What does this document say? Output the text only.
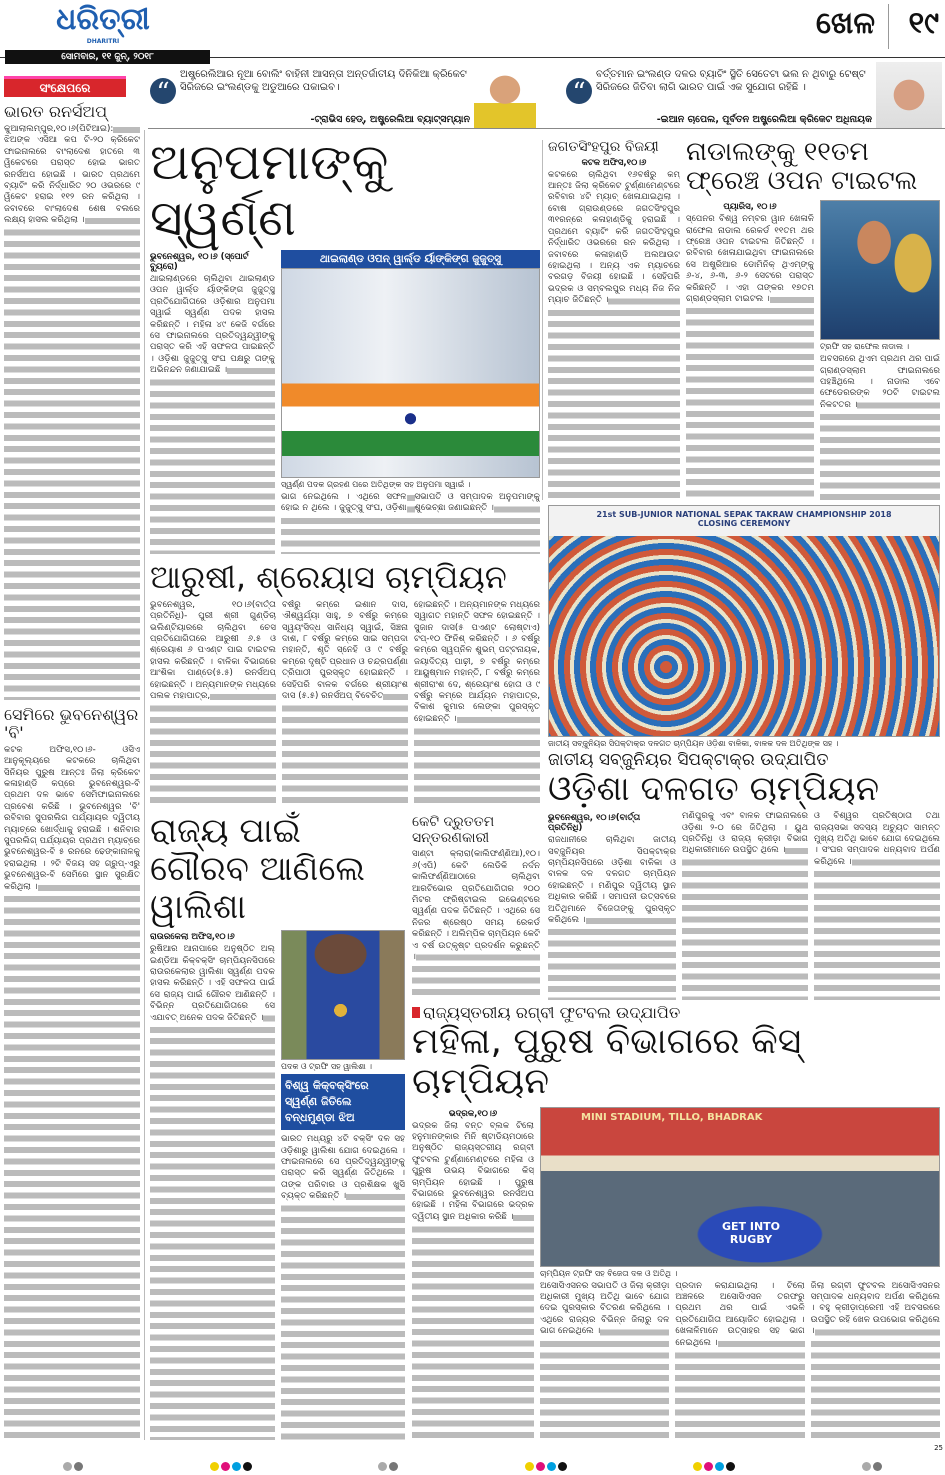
ଧରିତ୍ରୀ
DHARITRI
ଖେଳ ୧୯
ସୋମବାର, ୧୧ ଜୁନ୍, ୨୦୧୮
“
ଅଷ୍ଟ୍ରେଲିଆର ନୂଆ ବୋଲିଂ ବାହିନୀ ଆସନ୍ତା ଅନ୍ତର୍ଜାତୀୟ ଦିନିକିଆ କ୍ରିକେଟ ସିରିଜରେ ଇଂଲଣ୍ଡକୁ ଅଡୁଆରେ ପକାଇବ।
-ଟ୍ରାଭିସ ହେଡ୍, ଅଷ୍ଟ୍ରେଲିଆ ବ୍ୟାଟ୍ସମ୍ୟାନ
“
ବର୍ତ୍ତମାନ ଇଂଲଣ୍ଡ ଦଳର ବ୍ୟାଟିଂ ସ୍ଥିତି ସେତେଟା ଭଲ ନ ଥିବାରୁ ଟେଷ୍ଟ ସିରିଜରେ ଜିତିବା ଲାଗି ଭାରତ ପାଇଁ ଏକ ସୁଯୋଗ ରହିଛି ।
-ଇଆନ ଚାପେଲ, ପୂର୍ବତନ ଅଷ୍ଟ୍ରେଲିଆ କ୍ରିକେଟ ଅଧିନାୟକ
ସଂକ୍ଷେପରେ
ଭାରତ ରନର୍ସଅପ୍
କୁଆଲାଲମ୍ପୁର,୧୦।୬(ପିଟିଆଇ): ଝିଅଙ୍କ ଏସିଆ କପ ଟି-୨୦ କ୍ରିକେଟ ଫାଇନାଲରେ ବାଂଲାଦେଶ ହାତରେ ୩ ୱିକେଟରେ ପରାସ୍ତ ହୋଇ ଭାରତ ରନର୍ସଅପ ହୋଇଛି । ଭାରତ ପ୍ରଥମେ ବ୍ୟାଟିଂ କରି ନିର୍ଦ୍ଧାରିତ ୨୦ ଓଭରରେ ୯ ୱିକେଟ ହରାଇ ୧୧୨ ରନ କରିଥିଲା । ଜବାବରେ ବାଂଲାଦେଶ ଶେଷ ବଲରେ ଲକ୍ଷ୍ୟ ହାସଲ କରିଥିଲା ।
ସେମିରେ ଭୁବନେଶ୍ୱର 'ବି'
କଟକ ଅଫିସ,୧୦।୬- ଓସିଏ ଆନୁକୂଲ୍ୟରେ କଟକରେ ଚାଲିଥିବା ସିନିୟର ପୁରୁଷ ଆନ୍ତଃ ଜିଲା କ୍ରିକେଟ କଳାହାଣ୍ଡି କପ୍‌ରେ ଭୁବନେଶ୍ୱର-ବି ପ୍ରଥମ ଦଳ ଭାବେ ସେମିଫାଇନାଲରେ ପ୍ରବେଶ କରିଛି । ଭୁବନେଶ୍ୱର 'ବି' ରବିବାର ସୁପରଲିଗ ପର୍ଯ୍ୟାୟର ଦ୍ୱିତୀୟ ମ୍ୟାଚ୍‌ରେ ଖୋର୍ଦ୍ଧାକୁ ହରାଇଛି । ଶନିବାର ସୁପରଲିଗ୍ ପର୍ଯ୍ୟାୟର ପ୍ରଥମ ମ୍ୟାଚ୍‌ରେ ଭୁବନେଶ୍ୱର-ବି ୫ ରନରେ ଢେଙ୍କାନାଳକୁ ହରାଇଥିଲା । ୨ଟି ବିଜୟ ସହ ଗ୍ରୁପ୍-ଏରୁ ଭୁବନେଶ୍ୱର-ବି ସେମିରେ ସ୍ଥାନ ସୁରକ୍ଷିତ କରିଥିଲା ।
ଅନୁପମାଙ୍କୁ ସ୍ୱର୍ଣ୍ଣ
ଭୁବନେଶ୍ୱର, ୧୦।୬ (ସ୍ପୋର୍ଟ ବ୍ୟୁରୋ)
ଥାଇଲାଣ୍ଡରେ ଚାଲିଥିବା ଥାଇଲାଣ୍ଡ ଓପନ ୱାର୍ଲ୍ଡ ର୍ୟାଙ୍କିଙ୍ଗ ଜୁଜୁତ୍ସୁ ପ୍ରତିଯୋଗିତାରେ ଓଡ଼ିଶାର ଅନୁପମା ସ୍ୱାଇଁ ସ୍ୱର୍ଣ୍ଣ ପଦକ ହାସଲ କରିଛନ୍ତି । ମହିଳା ୪୯ କେଜି ବର୍ଗରେ ସେ ଫାଇନାଲରେ ପ୍ରତିଦ୍ୱନ୍ଦ୍ୱୀଙ୍କୁ ପରାସ୍ତ କରି ଏହି ସଫଳତା ପାଇଛନ୍ତି । ଓଡ଼ିଶା ଜୁଜୁତ୍ସୁ ସଂଘ ପକ୍ଷରୁ ତାଙ୍କୁ ଅଭିନନ୍ଦନ ଜଣାଯାଇଛି ।
ଥାଇଲାଣ୍ଡ ଓପନ୍ ୱାର୍ଲ୍ଡ ର୍ୟାଙ୍କିଙ୍ଗ ଜୁଜୁତ୍ସୁ
ସ୍ୱର୍ଣ୍ଣ ପଦକ ଗ୍ରହଣ ପରେ ଅତିଥିଙ୍କ ସହ ଅନୁପମା ସ୍ୱାଇଁ ।
ଭାଗ ନେଇଥିଲେ । ଏଥିରେ ସଫଳ ହୋଇ ନ ଥିଲେ । ଜୁଜୁତ୍ସୁ ସଂଘ, ଓଡ଼ିଶା ସଭାପତି ଓ ସମ୍ପାଦକ ଅନୁପମାଙ୍କୁ ଶୁଭେଚ୍ଛା ଜଣାଇଛନ୍ତି ।
ଜଗତସିଂହପୁର ବିଜୟୀ
କଟକ ଅଫିସ,୧୦।୬
କଟକରେ ଚାଲିଥିବା ୧୬ବର୍ଷରୁ କମ୍ ଆନ୍ତଃ ଜିଲା କ୍ରିକେଟ ଟୁର୍ଣ୍ଣାମେଣ୍ଟରେ ରବିବାର ୪ଟି ମ୍ୟାଚ୍ ଖେଳାଯାଇଥିଲା । ବୋଷ ଗ୍ରାଉଣ୍ଡରେ ଜଗତସିଂହପୁର ୩୧ରନ୍‌ରେ କଳାହାଣ୍ଡିକୁ ହରାଇଛି । ପ୍ରଥମେ ବ୍ୟାଟିଂ କରି ଜଗତସିଂହପୁର ନିର୍ଦ୍ଧାରିତ ଓଭରରେ ରନ କରିଥିଲା । ଜବାବରେ କଳାହାଣ୍ଡି ଅଲଆଉଟ ହୋଇଥିଲା । ଅନ୍ୟ ଏକ ମ୍ୟାଚରେ ବରଗଡ଼ ବିଜୟୀ ହୋଇଛି । ସେହିପରି ଭଦ୍ରକ ଓ ସମ୍ବଲପୁର ମଧ୍ୟ ନିଜ ନିଜ ମ୍ୟାଚ ଜିତିଛନ୍ତି ।
ନାଡାଲଙ୍କୁ ୧୧ତମ ଫ୍ରେଞ୍ଚ ଓପନ ଟାଇଟଲ
ପ୍ୟାରିସ, ୧୦।୬
ସ୍ପେନର ବିଶ୍ୱ ନମ୍ବର ୱାନ ଖେଳାଳି ରାଫେଲ ନାଡାଲ ରେକର୍ଡ ୧୧ତମ ଥର ଫ୍ରେଞ୍ଚ ଓପନ ଟାଇଟଲ ଜିତିଛନ୍ତି । ରବିବାର ଖେଳାଯାଇଥିବା ଫାଇନାଲରେ ସେ ଅଷ୍ଟ୍ରିଆର ଡୋମିନିକ୍ ଥିଏମ୍‌ଙ୍କୁ ୬-୪, ୬-୩, ୬-୨ ସେଟରେ ପରାସ୍ତ କରିଛନ୍ତି । ଏହା ତାଙ୍କର ୧୭ତମ ଗ୍ରାଣ୍ଡସ୍ଲାମ ଟାଇଟଲ ।
ଟ୍ରଫି ସହ ରାଫେଲ ନାଡାଲ ।
ଅବସରରେ ଥିଏମ ପ୍ରଥମ ଥର ପାଇଁ ଗ୍ରାଣ୍ଡସ୍ଲାମ ଫାଇନାଲରେ ପହଞ୍ଚିଥିଲେ । ନାଡାଲ ଏବେ ଫେଡେରରଙ୍କ ୨୦ଟି ଟାଇଟଲ ନିକଟତର ।
21st SUB-JUNIOR NATIONAL SEPAK TAKRAW CHAMPIONSHIP 2018 CLOSING CEREMONY
ଜାତୀୟ ସବ୍‌ଜୁନିୟର ସିପକ୍‌ଟାକ୍ର ଦଳଗତ ଚାମ୍ପିୟନ ଓଡ଼ିଶା ବାଳିକା, ବାଳକ ଦଳ ଅତିଥିଙ୍କ ସହ ।
ଜାତୀୟ ସବ୍‌ଜୁନିୟର ସିପକ୍‌ଟାକ୍ର ଉଦ୍‌ଯାପିତ
ଓଡ଼ିଶା ଦଳଗତ ଚାମ୍ପିୟନ
ଭୁବନେଶ୍ୱର, ୧୦।୬(ବାର୍ତ୍ତା ପ୍ରତିନିଧି)
ରାଜଧାନୀରେ ଚାଲିଥିବା ଜାତୀୟ ସବ୍‌ଜୁନିୟର ସିପକ୍‌ଟାକ୍ର ଚାମ୍ପିୟନସିପରେ ଓଡ଼ିଶା ବାଳିକା ଓ ବାଳକ ଦଳ ଦଳଗତ ଚାମ୍ପିୟନ ହୋଇଛନ୍ତି । ମଣିପୁର ଦ୍ୱିତୀୟ ସ୍ଥାନ ଅଧିକାର କରିଛି । ସମାପନୀ ଉତ୍ସବରେ ଅତିଥିମାନେ ବିଜେତାଙ୍କୁ ପୁରସ୍କୃତ କରିଥିଲେ ।
ମଣିପୁରକୁ ଏବଂ ବାଳକ ଫାଇନାଲରେ ଓଡ଼ିଶା ୨-୦ ରେ ଜିତିଥିଲା । ୟୁଥ ପ୍ରତିନିଧି ଓ ରାଜ୍ୟ କ୍ରୀଡ଼ା ବିଭାଗ ଅଧିକାରୀମାନେ ଉପସ୍ଥିତ ଥିଲେ ।
ଓ ବିଶ୍ୱର ପ୍ରତିଷ୍ଠାତା ତଥା ରାଜ୍ୟସଭା ସଦସ୍ୟ ଅଚ୍ୟୁତ ସାମନ୍ତ ମୁଖ୍ୟ ଅତିଥି ଭାବେ ଯୋଗ ଦେଇଥିଲେ । ସଂଘର ସମ୍ପାଦକ ଧନ୍ୟବାଦ ଅର୍ପଣ କରିଥିଲେ ।
ଆରୁଷୀ, ଶ୍ରେୟାସ ଚାମ୍ପିୟନ
ଭୁବନେଶ୍ୱର, ୧୦।୬(ବାର୍ତ୍ତା ପ୍ରତିନିଧି)- ପୁରୀ ଶ୍ରୀ ଗୁଣ୍ଡିଚା ଭଲିଣ୍ଟିୟାରରେ ଚାଲିଥିବା ଚେସ ପ୍ରତିଯୋଗିତାରେ ଆରୁଷୀ ୬.୫ ଓ ଶ୍ରେୟାଶ ୬ ପଏଣ୍ଟ ପାଇ ଟାଇଟଲ ହାସଲ କରିଛନ୍ତି । ବାଳିକା ବିଭାଗରେ ଆଂଶିକା ପାଣ୍ଡେ(୫.୫) ରନର୍ସଅପ୍ ହୋଇଛନ୍ତି । ଅନ୍ୟମାନଙ୍କ ମଧ୍ୟରେ ପଲକ ମହାପାତ୍ର,
ବର୍ଷରୁ କମ୍‌ରେ ଇଶାନ ଦାସ, ଐଶ୍ୱର୍ଯ୍ୟା ସାହୁ, ୭ ବର୍ଷରୁ କମ୍‌ରେ ସ୍ୱୟଂସିଦ୍ଧ ସାନିଧ୍ୟ ସ୍ୱାଇଁ, ସିଞ୍ଚନା ଦାଶ, ୮ ବର୍ଷରୁ କମ୍‌ରେ ସାଇ ସମ୍ପଦା ମହାନ୍ତି, ଶୃତି ସ୍ନେହି ଓ ୯ ବର୍ଷରୁ କମ୍‌ରେ ଦୃଷ୍ଟି ପ୍ରଧାନ ଓ ଚନ୍ଦ୍ରପର୍ଣ୍ଣା ତ୍ରିପାଠୀ ପୁରସ୍କୃତ ହୋଇଛନ୍ତି । ସେହିପରି ବାଳକ ବର୍ଗରେ ଶ୍ରୀୟାଂଶ ଦାସ (୫.୫) ରନର୍ସଅପ୍ ବିବେଚିତ
ହୋଇଛନ୍ତି । ଅନ୍ୟମାନଙ୍କ ମଧ୍ୟରେ ସ୍ୱାଗତ ମହାନ୍ତି ସଫଳ ହୋଇଛନ୍ତି । ସୁଜାନ ଦାସ(୫ ପଏଣ୍ଟ ଲୋଷ୍ଟାଏ) ଟପ୍-୧୦ ଫିନିଶ୍ କରିଛନ୍ତି । ୬ ବର୍ଷରୁ କମ୍‌ରେ ସ୍ୱପ୍ନିଳ ଶୁଭମ୍ ପଟ୍ଟନାୟକ, ଜୟାଦିତ୍ୟ ପାଢ଼ୀ, ୭ ବର୍ଷରୁ କମ୍‌ରେ ଆୟୁଷ୍ମାନ ମହାନ୍ତି, ୮ ବର୍ଷରୁ କମ୍‌ରେ ଶ୍ରୀରାଂଶ ଦେ, ଶ୍ରେୟାଂଶ ହୋତା ଓ ୯ ବର୍ଷରୁ କମ୍‌ରେ ଆର୍ଯ୍ୟନ ମହାପାତ୍ର, ବିକାଶ କୁମାର ଲେଙ୍କା ପୁରସ୍କୃତ ହୋଇଛନ୍ତି ।
ରାଜ୍ୟ ପାଇଁ ଗୌରବ ଆଣିଲେ ୱାଲିଶା
ରାଉରକେଲା ଅଫିସ,୧୦।୬
ରୁଷିଆର ଆନାପାରେ ଅନୁଷ୍ଠିତ ଅଲ୍ ଇଣ୍ଡିଆ କିକ୍‌ବକ୍ସିଂ ଚାମ୍ପିୟନସିପରେ ରାଉରକେଲାର ୱାଲିଶା ସ୍ୱର୍ଣ୍ଣ ପଦକ ହାସଲ କରିଛନ୍ତି । ଏହି ସଫଳତା ପାଇଁ ସେ ରାଜ୍ୟ ପାଇଁ ଗୌରବ ଆଣିଛନ୍ତି । ବିଭିନ୍ନ ପ୍ରତିଯୋଗିତାରେ ସେ ଏଯାବତ୍ ଅନେକ ପଦକ ଜିତିଛନ୍ତି ।
ପଦକ ଓ ଟ୍ରଫି ସହ ୱାଲିଶା ।
ବିଶ୍ୱ କିକ୍‌ବକ୍ସିଂରେ ସ୍ୱର୍ଣ୍ଣ ଜିତିଲେ ବନ୍ଧମୁଣ୍ଡା ଝିଅ
ଭାରତ ମଧ୍ୟରୁ ୪ଟି ବକ୍ସିଂ ଦଳ ସହ ଓଡ଼ିଶାରୁ ୱାଲିଶା ଯୋଗ ଦେଇଥିଲେ । ଫାଇନାଲରେ ସେ ପ୍ରତିଦ୍ୱନ୍ଦ୍ୱୀଙ୍କୁ ପରାସ୍ତ କରି ସ୍ୱର୍ଣ୍ଣ ଜିତିଥିଲେ । ତାଙ୍କ ପରିବାର ଓ ପ୍ରଶିକ୍ଷକ ଖୁସି ବ୍ୟକ୍ତ କରିଛନ୍ତି ।
କେଟି ଦ୍ରୁତତମ ସନ୍ତରଣକାରୀ
ସାଣ୍ଟା କ୍ଲାରା(କାଲିଫର୍ଣ୍ଣିଆ),୧୦।୬(ଏପି) କେଟି ଲେଡିକି ନର୍ଦନ କାଲିଫର୍ଣ୍ଣିଆଠାରେ ଚାଲିଥିବା ଆରଟିଭୋର ପ୍ରତିଯୋଗିତାର ୨୦୦ ମିଟର ଫ୍ରିଷ୍ଟାଇଲ ଇଭେଣ୍ଟରେ ସ୍ୱର୍ଣ୍ଣ ପଦକ ଜିତିଛନ୍ତି । ଏଥିରେ ସେ ନିଜର ଶ୍ରେଷ୍ଠ ସମୟ ରେକର୍ଡ କରିଛନ୍ତି । ଅଲିମ୍ପିକ ଚାମ୍ପିୟନ କେଟି ଏ ବର୍ଷ ଉତ୍କୃଷ୍ଟ ପ୍ରଦର୍ଶନ କରୁଛନ୍ତି ।
ରାଜ୍ୟସ୍ତରୀୟ ରଗ୍‌ବୀ ଫୁଟବଲ ଉଦ୍‌ଯାପିତ
ମହିଳା, ପୁରୁଷ ବିଭାଗରେ କିସ୍ ଚାମ୍ପିୟନ
ଭଦ୍ରକ,୧୦।୬
ଭଦ୍ରକ ଜିଲା ବନ୍ତ ବ୍ଲକ ଟିଲୋ ହନୁମାନଙ୍କାର ମିନି ଷ୍ଟାଡିୟମଠାରେ ଅନୁଷ୍ଠିତ ରାଜ୍ୟସ୍ତରୀୟ ରଗ୍‌ବୀ ଫୁଟବଲ ଟୁର୍ଣ୍ଣାମେଣ୍ଟରେ ମହିଳା ଓ ପୁରୁଷ ଉଭୟ ବିଭାଗରେ କିସ୍ ଚାମ୍ପିୟନ ହୋଇଛି । ପୁରୁଷ ବିଭାଗରେ ଭୁବନେଶ୍ୱର ରନର୍ସଅପ ହୋଇଛି । ମହିଳା ବିଭାଗରେ ଭଦ୍ରକ ଦ୍ୱିତୀୟ ସ୍ଥାନ ଅଧିକାର କରିଛି ।
MINI STADIUM, TILLO, BHADRAK
GET INTO RUGBY
ଚାମ୍ପିୟନ ଟ୍ରଫି ସହ ବିଜେତା ଦଳ ଓ ଅତିଥି ।
ଅସୋସିଏସନର ସଭାପତି ଓ ଜିଲା କ୍ରୀଡ଼ା ଅଧିକାରୀ ମୁଖ୍ୟ ଅତିଥି ଭାବେ ଯୋଗ ଦେଇ ପୁରସ୍କାର ବିତରଣ କରିଥିଲେ । ଏଥିରେ ରାଜ୍ୟର ବିଭିନ୍ନ ଜିଲାରୁ ଦଳ ଭାଗ ନେଇଥିଲେ ।
ପ୍ରଦାନ କରାଯାଇଥିଲା । ଟିଲୋ ଅଞ୍ଚଳରେ ଅସୋସିଏସନ ତରଫରୁ ପ୍ରଥମ ଥର ପାଇଁ ଏଭଳି ପ୍ରତିଯୋଗିତା ଆୟୋଜିତ ହୋଇଥିଲା । ଖେଳାଳିମାନେ ଉତ୍ସାହର ସହ ଭାଗ ନେଇଥିଲେ ।
ଜିଲା ରଗ୍‌ବୀ ଫୁଟବଲ ଅସୋସିଏସନର ସମ୍ପାଦକ ଧନ୍ୟବାଦ ଅର୍ପଣ କରିଥିଲେ । ବହୁ କ୍ରୀଡ଼ାପ୍ରେମୀ ଏହି ଅବସରରେ ଉପସ୍ଥିତ ରହି ଖେଳ ଉପଭୋଗ କରିଥିଲେ ।
25
